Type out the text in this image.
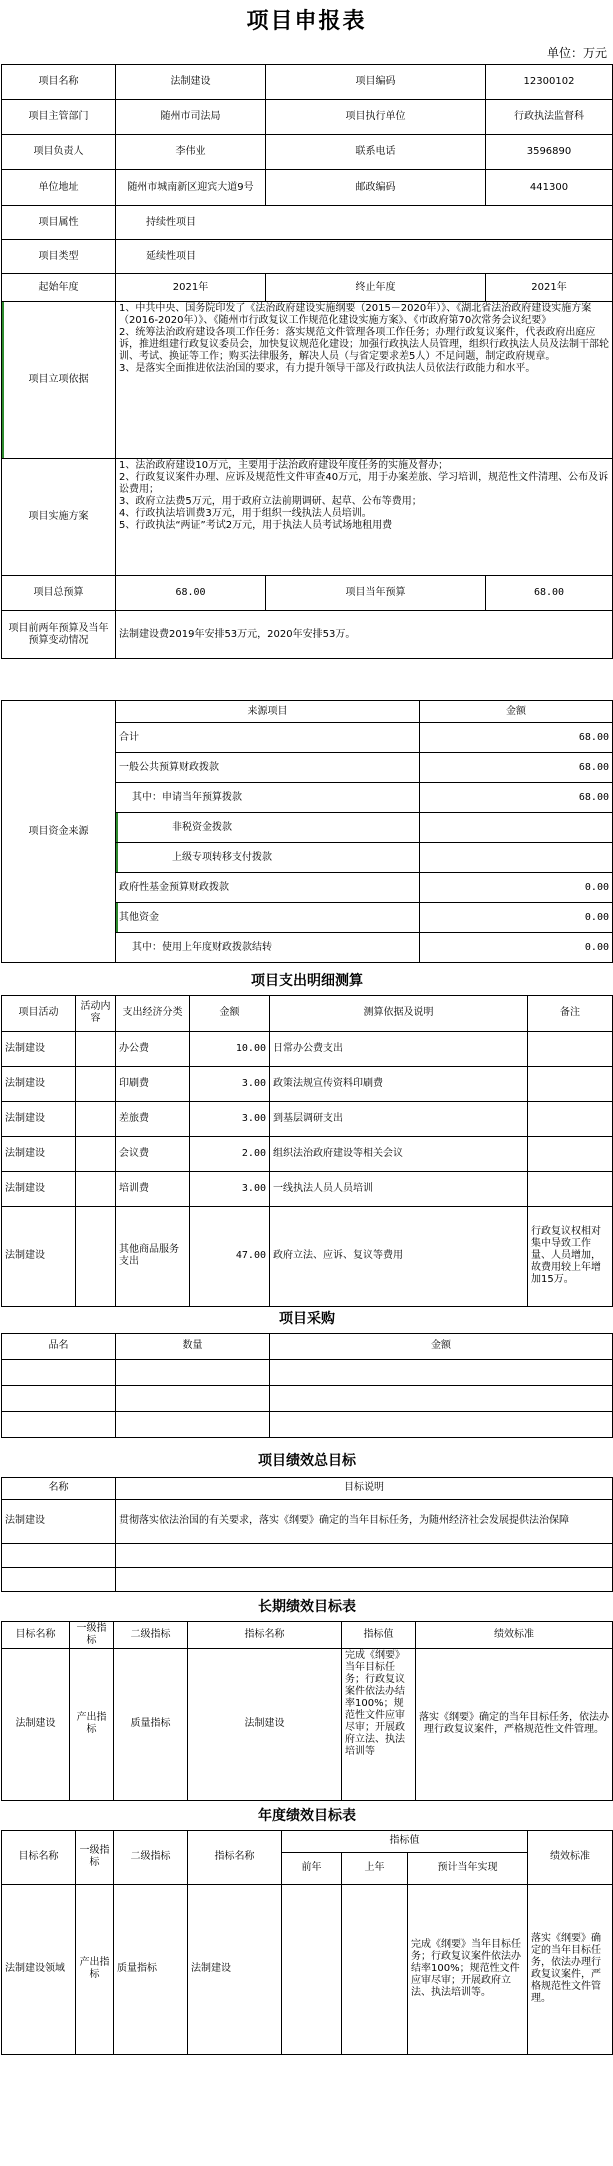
项目申报表
单位：万元
项目名称	法制建设	项目编码	12300102
项目主管部门	随州市司法局	项目执行单位	行政执法监督科
项目负责人	李伟业	联系电话	3596890
单位地址	随州市城南新区迎宾大道9号	邮政编码	441300
项目属性	持续性项目		
项目类型	延续性项目		
起始年度	2021年	终止年度	2021年
项目立项依据	1、中共中央、国务院印发了《法治政府建设实施纲要（2015－2020年）》、《湖北省法治政府建设实施方案（2016-2020年）》、《随州市行政复议工作规范化建设实施方案》、《市政府第70次常务会议纪要》
2、统筹法治政府建设各项工作任务：落实规范文件管理各项工作任务；办理行政复议案件，代表政府出庭应诉，推进组建行政复议委员会，加快复议规范化建设；加强行政执法人员管理，组织行政执法人员及法制干部轮训、考试、换证等工作；购买法律服务，解决人员（与省定要求差5人）不足问题，制定政府规章。
3、是落实全面推进依法治国的要求，有力提升领导干部及行政执法人员依法行政能力和水平。		
项目实施方案	1、法治政府建设10万元，主要用于法治政府建设年度任务的实施及督办；
2、行政复议案件办理、应诉及规范性文件审查40万元，用于办案差旅、学习培训，规范性文件清理、公布及诉讼费用；
3、政府立法费5万元，用于政府立法前期调研、起草、公布等费用；
4、行政执法培训费3万元，用于组织一线执法人员培训。
5、行政执法“两证”考试2万元，用于执法人员考试场地租用费		
项目总预算	68.00	项目当年预算	68.00
项目前两年预算及当年预算变动情况	法制建设费2019年安排53万元，2020年安排53万。		
项目资金来源	来源项目	金额
	合计	68.00
	一般公共预算财政拨款	68.00
	其中：申请当年预算拨款	68.00
	非税资金拨款	
	上级专项转移支付拨款	
	政府性基金预算财政拨款	0.00
	其他资金	0.00
	其中：使用上年度财政拨款结转	0.00
项目支出明细测算					
项目活动	活动内容	支出经济分类	金额	测算依据及说明	备注
法制建设		办公费	10.00	日常办公费支出	
法制建设		印刷费	3.00	政策法规宣传资料印刷费	
法制建设		差旅费	3.00	到基层调研支出	
法制建设		会议费	2.00	组织法治政府建设等相关会议	
法制建设		培训费	3.00	一线执法人员人员培训	
法制建设		其他商品服务支出	47.00	政府立法、应诉、复议等费用	行政复议权相对集中导致工作量、人员增加，故费用较上年增加15万。
项目采购		
品名	数量	金额

项目绩效总目标	
名称	目标说明
法制建设	贯彻落实依法治国的有关要求，落实《纲要》确定的当年目标任务，为随州经济社会发展提供法治保障

长期绩效目标表					
目标名称	一级指标	二级指标	指标名称	指标值	绩效标准
法制建设	产出指标	质量指标	法制建设	完成《纲要》当年目标任务；行政复议案件依法办结率100%；规范性文件应审尽审；开展政府立法、执法培训等	落实《纲要》确定的当年目标任务，依法办理行政复议案件，严格规范性文件管理。
年度绩效目标表							
目标名称	一级指标	二级指标	指标名称	指标值			绩效标准
				前年	上年	预计当年实现	
法制建设领域	产出指标	质量指标	法制建设			完成《纲要》当年目标任务；行政复议案件依法办结率100%；规范性文件应审尽审；开展政府立法、执法培训等。	落实《纲要》确定的当年目标任务，依法办理行政复议案件，严格规范性文件管理。
